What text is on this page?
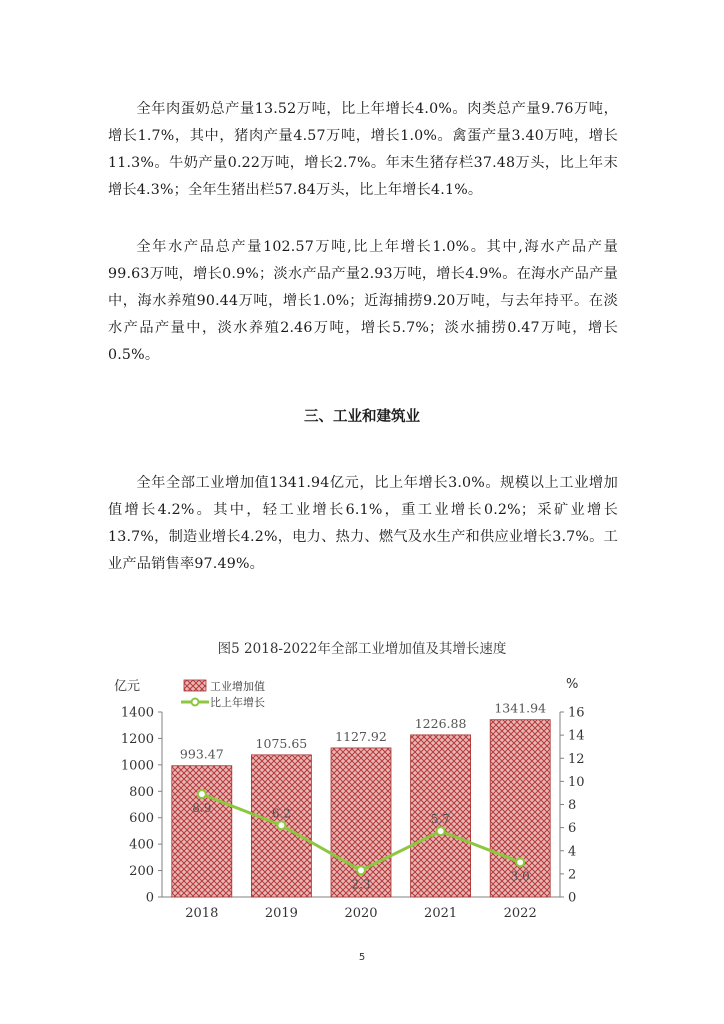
全年肉蛋奶总产量13.52万吨，比上年增长4.0%。肉类总产量9.76万吨，增长1.7%，其中，猪肉产量4.57万吨，增长1.0%。禽蛋产量3.40万吨，增长11.3%。牛奶产量0.22万吨，增长2.7%。年末生猪存栏37.48万头，比上年末增长4.3%；全年生猪出栏57.84万头，比上年增长4.1%。

全年水产品总产量102.57万吨,比上年增长1.0%。其中,海水产品产量99.63万吨，增长0.9%；淡水产品产量2.93万吨，增长4.9%。在海水产品产量中，海水养殖90.44万吨，增长1.0%；近海捕捞9.20万吨，与去年持平。在淡水产品产量中，淡水养殖2.46万吨，增长5.7%；淡水捕捞0.47万吨，增长0.5%。

三、工业和建筑业

全年全部工业增加值1341.94亿元，比上年增长3.0%。规模以上工业增加值增长4.2%。其中，轻工业增长6.1%，重工业增长0.2%；采矿业增长13.7%，制造业增长4.2%，电力、热力、燃气及水生产和供应业增长3.7%。工业产品销售率97.49%。

图5 2018-2022年全部工业增加值及其增长速度
亿元	%
工业增加值
比上年增长
0
200
400
600
800
1000
1200
1400
0
2
4
6
8
10
12
14
16
993.47
1075.65 1127.92
1226.88
1341.94
8.9	6.2
2.3
5.7
3.0
2018	2019	2020	2021	2022
5
